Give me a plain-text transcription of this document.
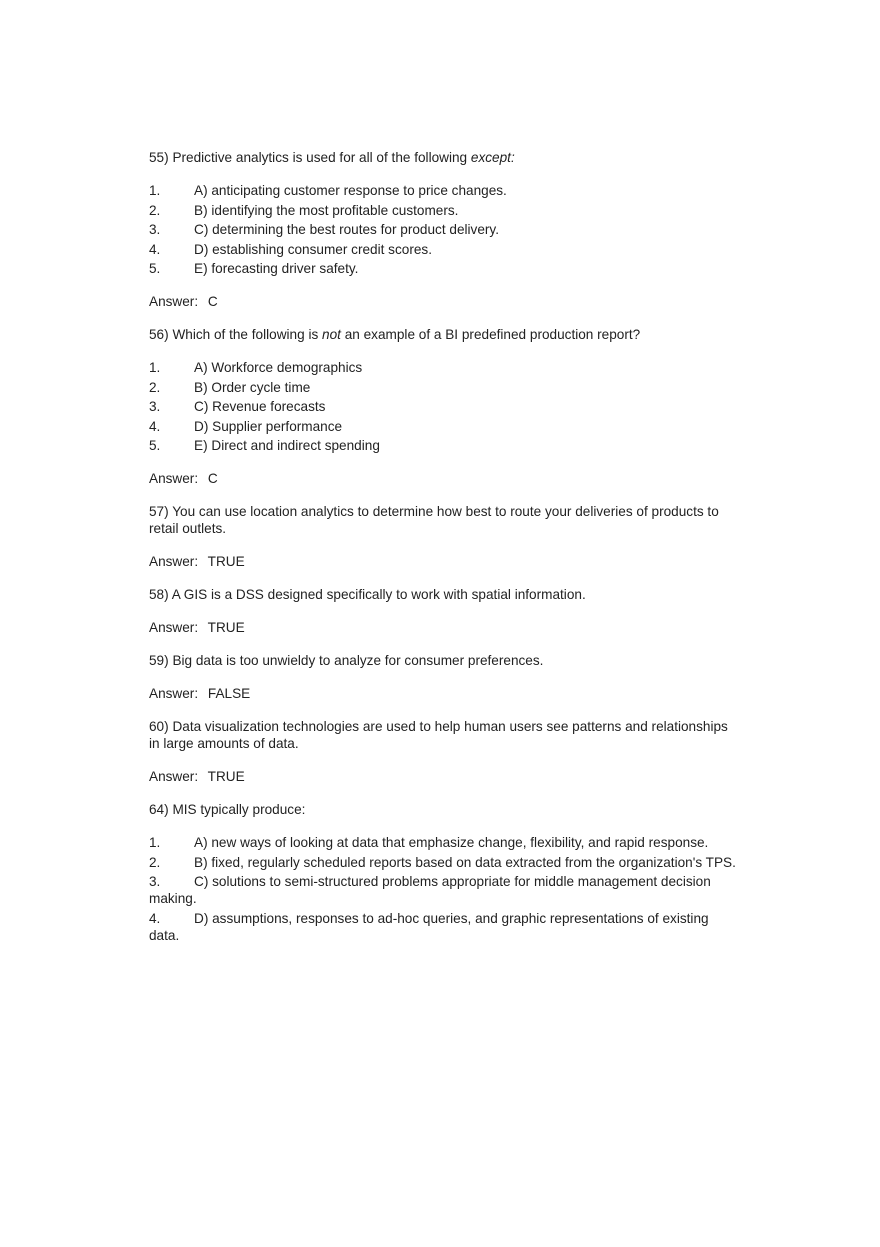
55) Predictive analytics is used for all of the following except:

1. A) anticipating customer response to price changes.
2. B) identifying the most profitable customers.
3. C) determining the best routes for product delivery.
4. D) establishing consumer credit scores.
5. E) forecasting driver safety.

Answer: C

56) Which of the following is not an example of a BI predefined production report?

1. A) Workforce demographics
2. B) Order cycle time
3. C) Revenue forecasts
4. D) Supplier performance
5. E) Direct and indirect spending

Answer: C

57) You can use location analytics to determine how best to route your deliveries of products to retail outlets.

Answer: TRUE

58) A GIS is a DSS designed specifically to work with spatial information.

Answer: TRUE

59) Big data is too unwieldy to analyze for consumer preferences.

Answer: FALSE

60) Data visualization technologies are used to help human users see patterns and relationships in large amounts of data.

Answer: TRUE

64) MIS typically produce:

1. A) new ways of looking at data that emphasize change, flexibility, and rapid response.
2. B) fixed, regularly scheduled reports based on data extracted from the organization's TPS.
3. C) solutions to semi-structured problems appropriate for middle management decision making.
4. D) assumptions, responses to ad-hoc queries, and graphic representations of existing data.
